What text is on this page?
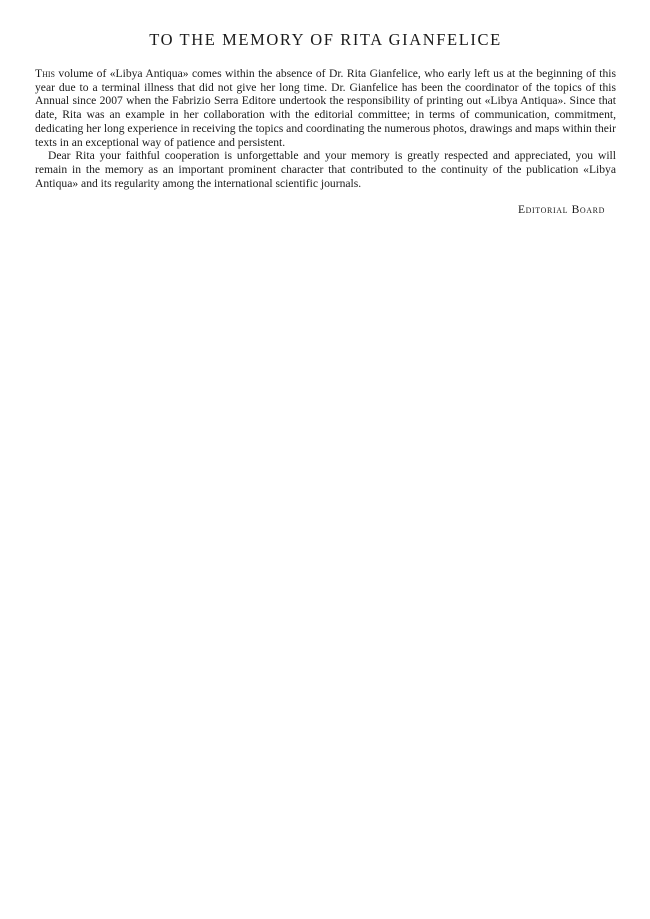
TO THE MEMORY OF RITA GIANFELICE

This volume of «Libya Antiqua» comes within the absence of Dr. Rita Gianfelice, who early left us at the beginning of this year due to a terminal illness that did not give her long time. Dr. Gianfelice has been the coordinator of the topics of this Annual since 2007 when the Fabrizio Serra Editore undertook the responsibility of printing out «Libya Antiqua». Since that date, Rita was an example in her collaboration with the editorial committee; in terms of communication, commitment, dedicating her long experience in receiving the topics and coordinating the numerous photos, drawings and maps within their texts in an exceptional way of patience and persistent.

Dear Rita your faithful cooperation is unforgettable and your memory is greatly respected and appreciated, you will remain in the memory as an important prominent character that contributed to the continuity of the publication «Libya Antiqua» and its regularity among the international scientific journals.

Editorial Board
